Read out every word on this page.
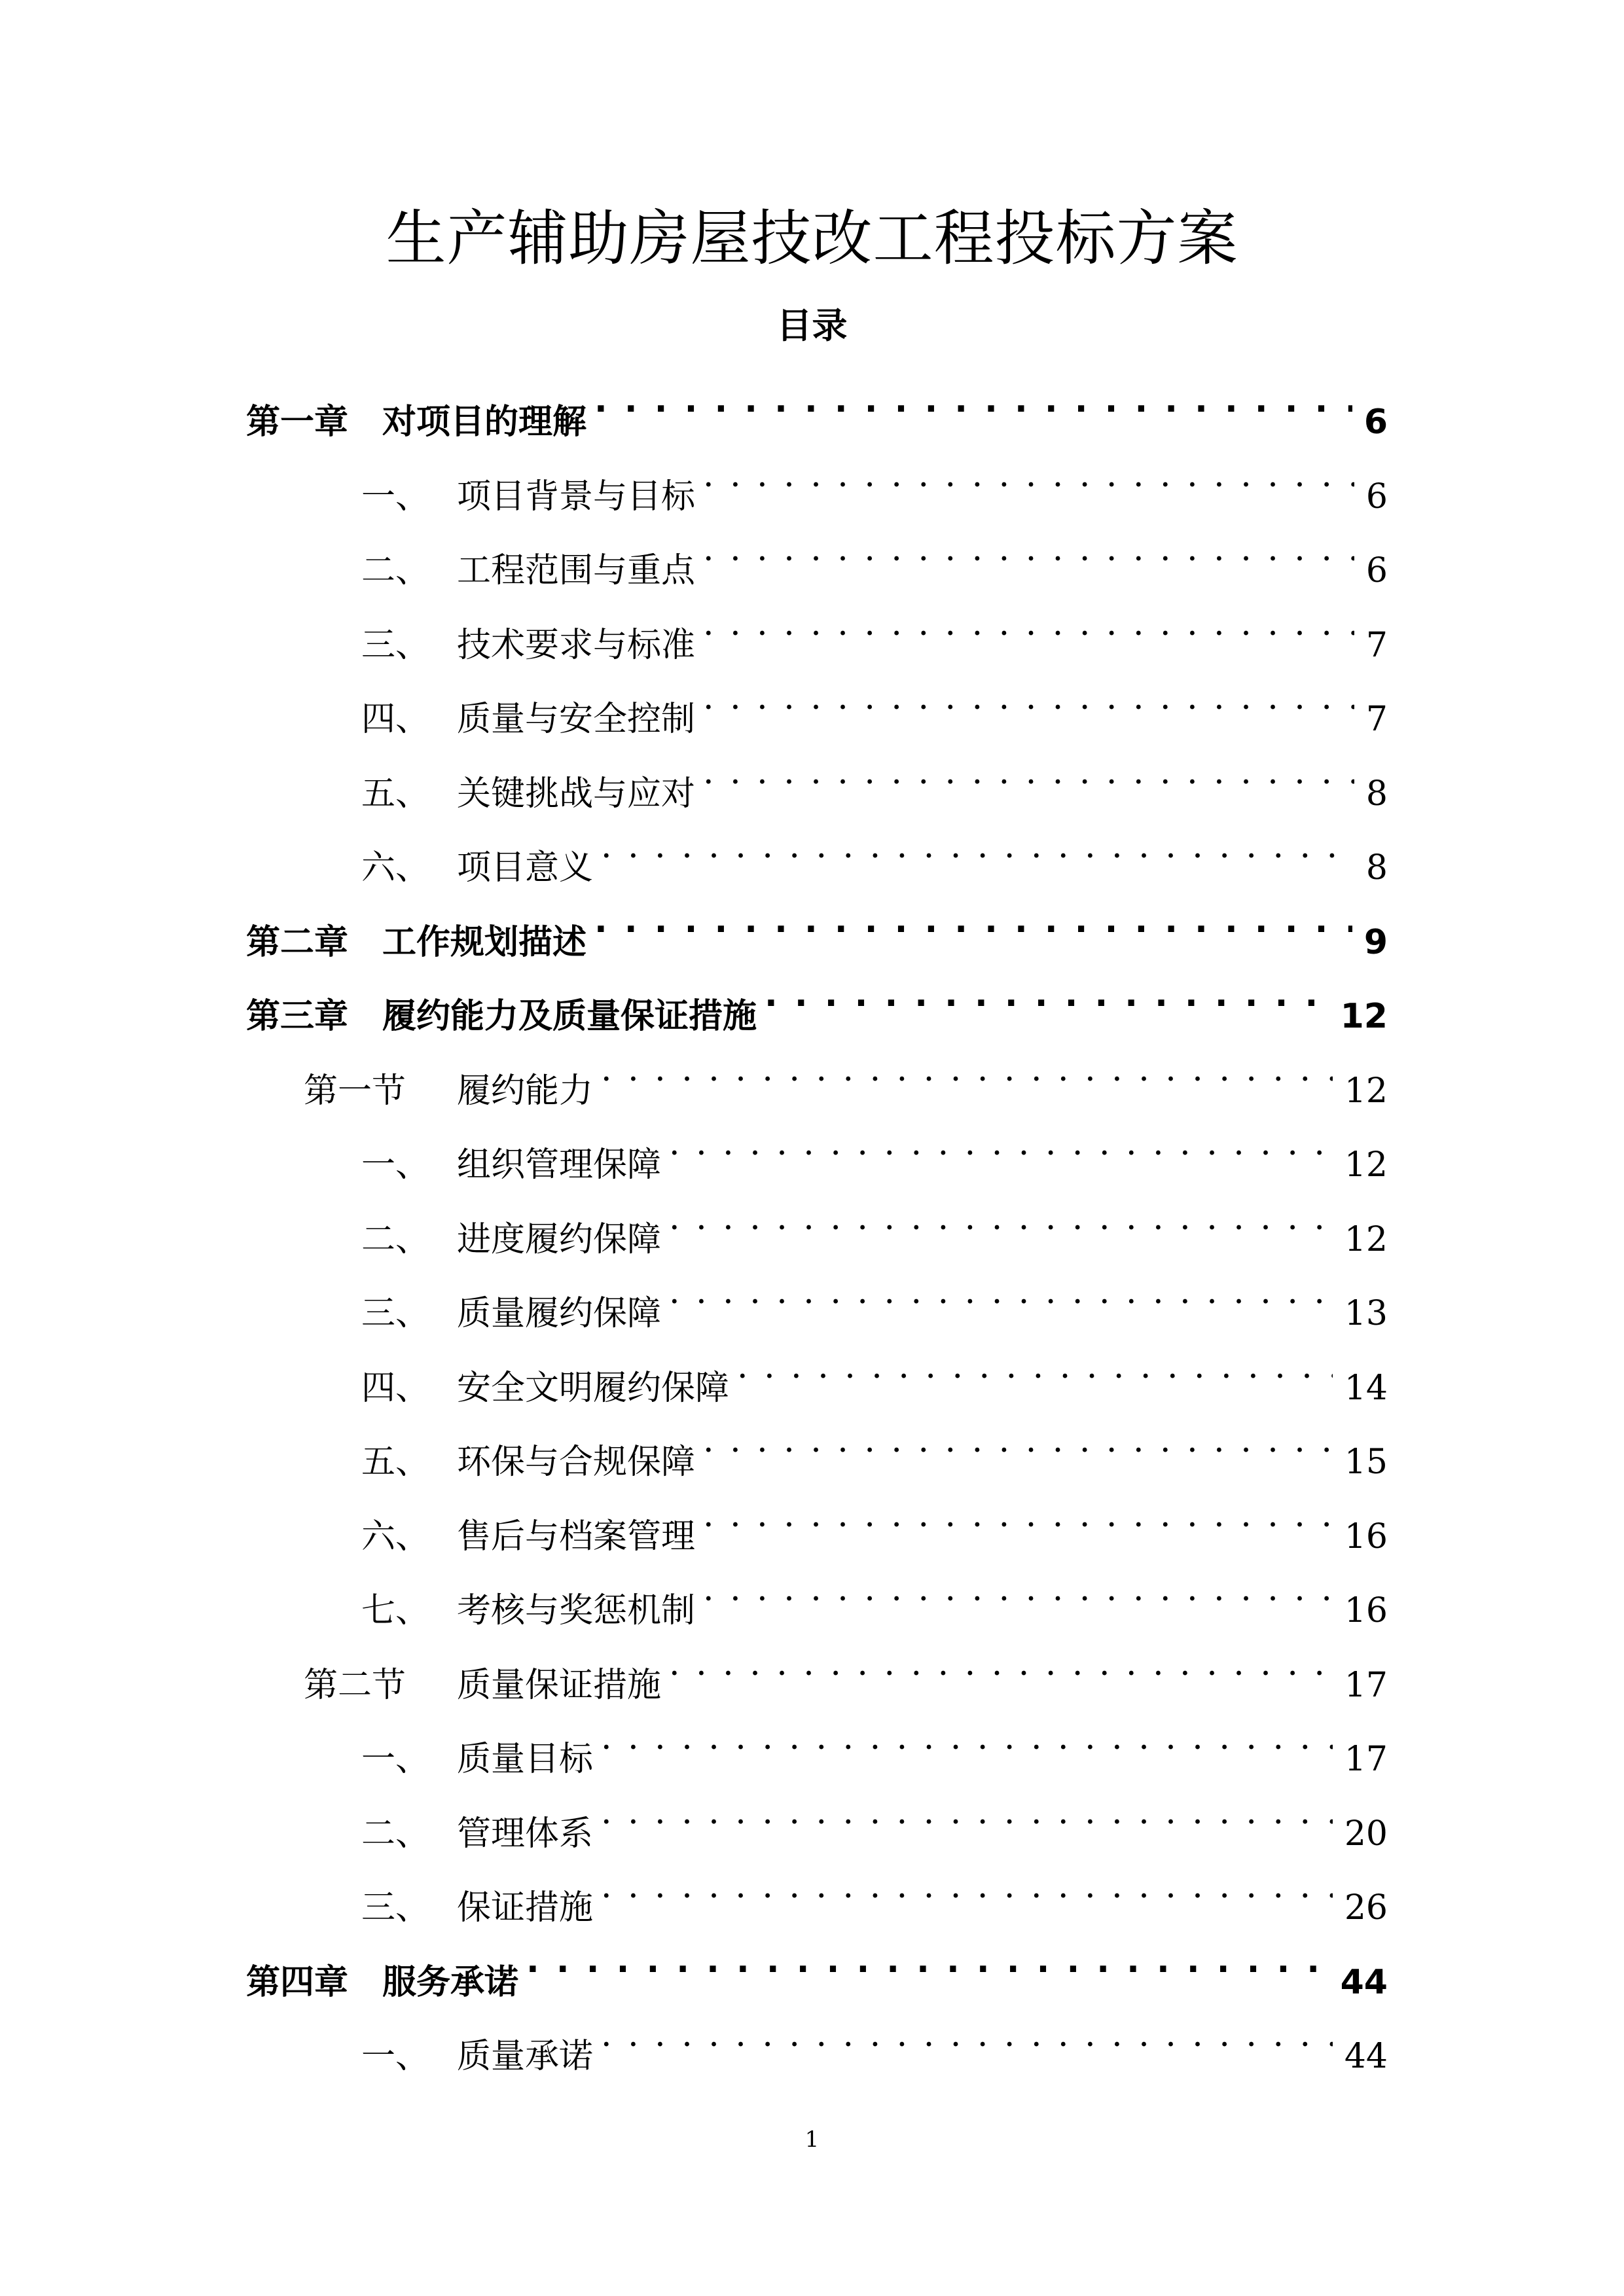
生产辅助房屋技改工程投标方案
目录
第一章 对项目的理解 . . .	6
一、 项目背景与目标 . . .	6
二、 工程范围与重点 . . .	6
三、 技术要求与标准 . . .	7
四、 质量与安全控制 . . .	7
五、 关键挑战与应对 . . .	8
六、 项目意义 . . .	8
第二章 工作规划描述 . . .	9
第三章 履约能力及质量保证措施 . . .	12
第一节	履约能力 . . .	12
一、 组织管理保障 . . .	12
二、 进度履约保障 . . .	12
三、 质量履约保障 . . .	13
四、 安全文明履约保障 . . .	14
五、 环保与合规保障 . . .	15
六、 售后与档案管理 . . .	16
七、 考核与奖惩机制 . . .	16
第二节	质量保证措施 . . .	17
一、 质量目标 . . .	17
二、 管理体系 . . .	20
三、 保证措施 . . .	26
第四章 服务承诺 . . .	44
一、 质量承诺 . . .	44
1
